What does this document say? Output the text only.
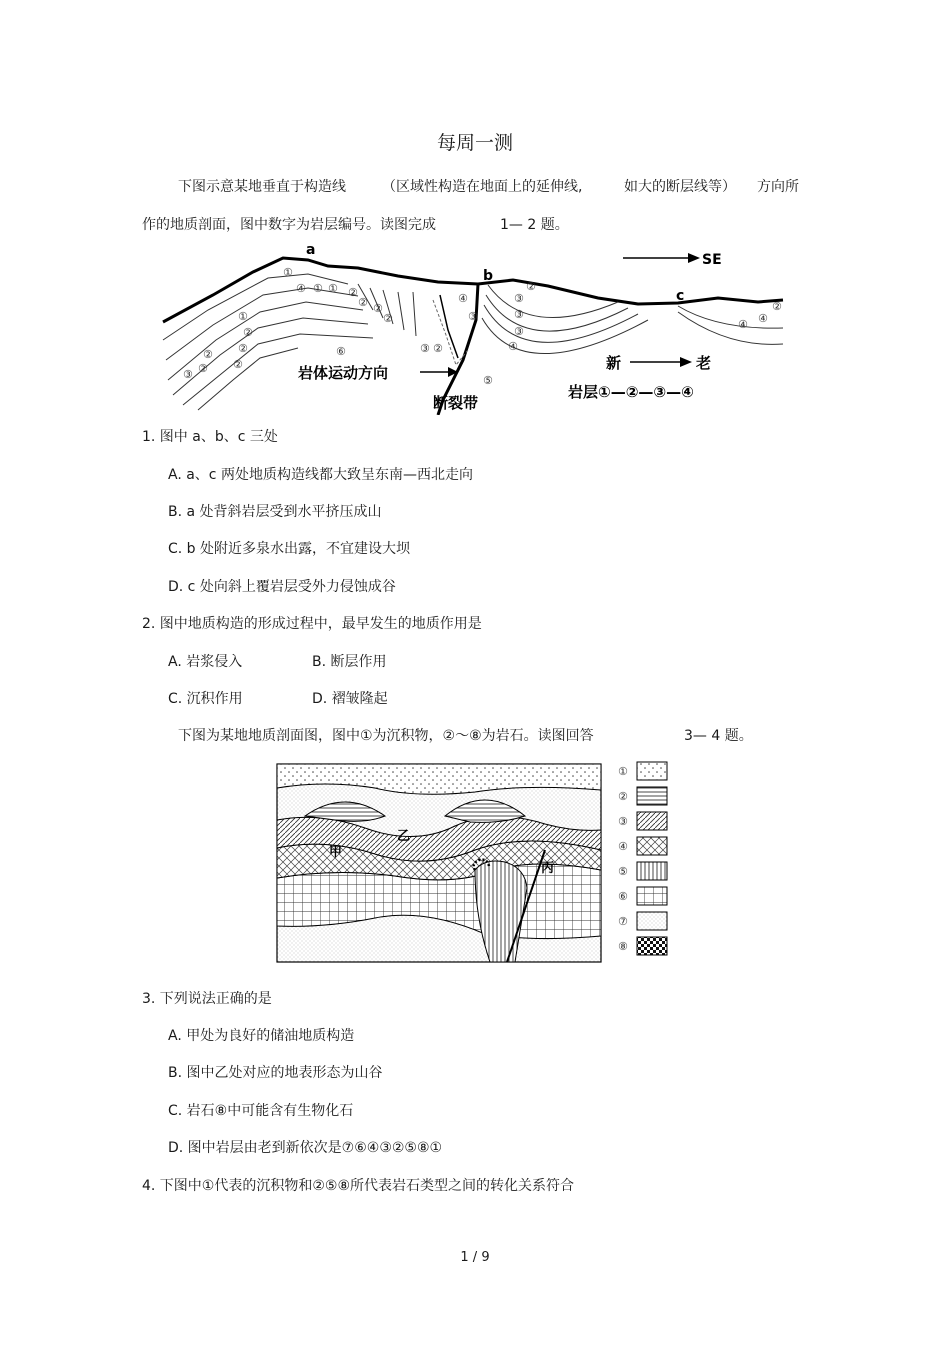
每周一测
下图示意某地垂直于构造线	（区域性构造在地面上的延伸线,	如大的断层线等） 方向所
作的地质剖面，图中数字为岩层编号。读图完成	1— 2 题。
①
④ ① ① ②
② ②
②
①
②
②
②
②
②
③
④
③
③ ②
⑥
⑤
②
③
③
③
④
④ ④
②
a
b
c
SE
新	老
岩层①—②—③—④
岩体运动方向
断裂带
1. 图中 a、b、c 三处
A. a、c 两处地质构造线都大致呈东南—西北走向
B. a 处背斜岩层受到水平挤压成山
C. b 处附近多泉水出露，不宜建设大坝
D. c 处向斜上覆岩层受外力侵蚀成谷
2. 图中地质构造的形成过程中，最早发生的地质作用是
A. 岩浆侵入	B. 断层作用
C. 沉积作用	D. 褶皱隆起
下图为某地地质剖面图，图中①为沉积物，②～⑧为岩石。读图回答	3— 4 题。
甲
乙
丙
①
②
③
④
⑤
⑥
⑦
⑧
3. 下列说法正确的是
A. 甲处为良好的储油地质构造
B. 图中乙处对应的地表形态为山谷
C. 岩石⑧中可能含有生物化石
D. 图中岩层由老到新依次是⑦⑥④③②⑤⑧①
4. 下图中①代表的沉积物和②⑤⑧所代表岩石类型之间的转化关系符合
1 / 9
